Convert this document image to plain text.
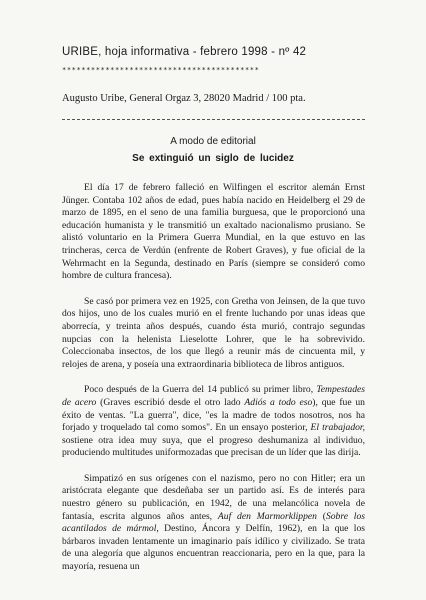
URIBE, hoja informativa - febrero 1998 - nº 42
*****************************************
Augusto Uribe, General Orgaz 3, 28020 Madrid / 100 pta.
A modo de editorial
Se extinguió un siglo de lucidez

El día 17 de febrero falleció en Wilfingen el escritor alemán Ernst Jünger. Contaba 102 años de edad, pues había nacido en Heidelberg el 29 de marzo de 1895, en el seno de una familia burguesa, que le proporcionó una educación humanista y le transmitió un exaltado nacionalismo prusiano. Se alistó voluntario en la Primera Guerra Mundial, en la que estuvo en las trincheras, cerca de Verdún (enfrente de Robert Graves), y fue oficial de la Wehrmacht en la Segunda, destinado en París (siempre se consideró como hombre de cultura francesa).

Se casó por primera vez en 1925, con Gretha von Jeinsen, de la que tuvo dos hijos, uno de los cuales murió en el frente luchando por unas ideas que aborrecía, y treinta años después, cuando ésta murió, contrajo segundas nupcias con la helenista Lieselotte Lohrer, que le ha sobrevivido. Coleccionaba insectos, de los que llegó a reunir más de cincuenta mil, y relojes de arena, y poseía una extraordinaria biblioteca de libros antiguos.

Poco después de la Guerra del 14 publicó su primer libro, Tempestades de acero (Graves escribió desde el otro lado Adiós a todo eso), que fue un éxito de ventas. "La guerra", dice, "es la madre de todos nosotros, nos ha forjado y troquelado tal como somos". En un ensayo posterior, El trabajador, sostiene otra idea muy suya, que el progreso deshumaniza al individuo, produciendo multitudes uniformozadas que precisan de un líder que las dirija.

Simpatizó en sus orígenes con el nazismo, pero no con Hitler; era un aristócrata elegante que desdeñaba ser un partido así. Es de interés para nuestro género su publicación, en 1942, de una melancólica novela de fantasía, escrita algunos años antes, Auf den Marmorklippen (Sobre los acantilados de mármol, Destino, Áncora y Delfín, 1962), en la que los bárbaros invaden lentamente un imaginario país idílico y civilizado. Se trata de una alegoría que algunos encuentran reaccionaria, pero en la que, para la mayoría, resuena un
